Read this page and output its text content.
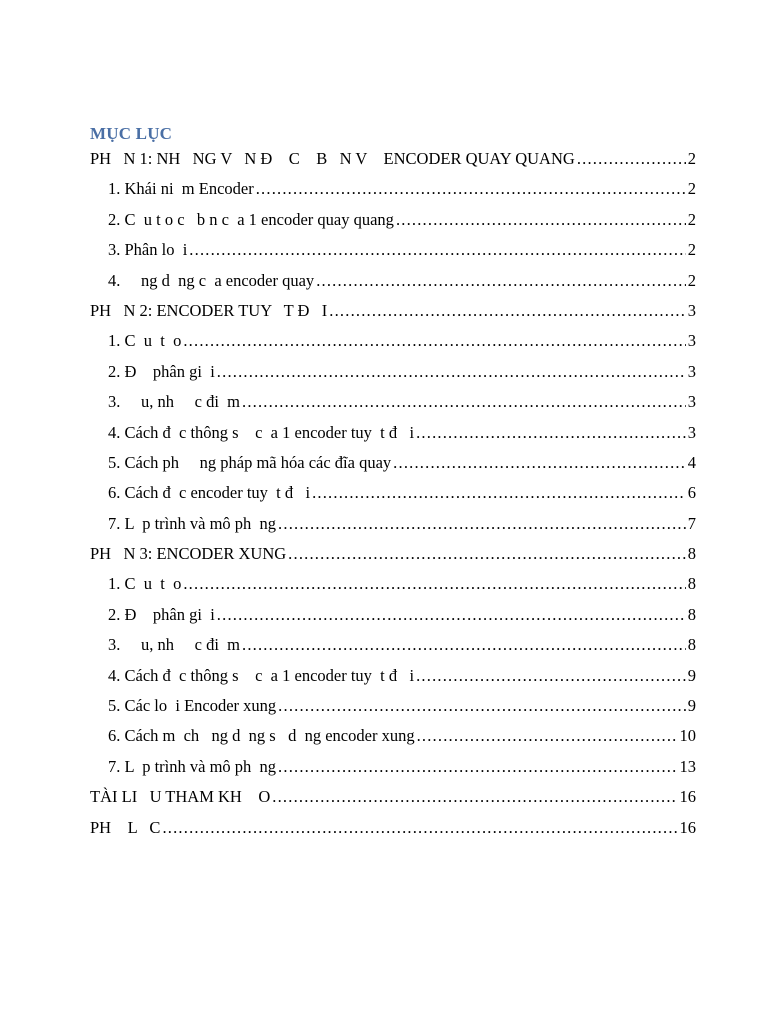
MỤC LỤC
PH   N 1: NH   NG V   N Đ    C    B   N V    ENCODER QUAY QUANG .....	2
1. Khái ni  m Encoder .....	2
2. C  u t o c   b n c  a 1 encoder quay quang .....	2
3. Phân lo  i .....	2
4.     ng d  ng c  a encoder quay .....	2
PH   N 2: ENCODER TUY   T Đ   I .....	3
1. C  u  t  o .....	3
2. Đ    phân gi  i .....	3
3.     u, nh     c đi  m .....	3
4. Cách đ  c thông s    c  a 1 encoder tuy  t đ   i .....	3
5. Cách ph     ng pháp mã hóa các đĩa quay .....	4
6. Cách đ  c encoder tuy  t đ   i .....	6
7. L  p trình và mô ph  ng .....	7
PH   N 3: ENCODER XUNG .....	8
1. C  u  t  o .....	8
2. Đ    phân gi  i .....	8
3.     u, nh     c đi  m .....	8
4. Cách đ  c thông s    c  a 1 encoder tuy  t đ   i .....	9
5. Các lo  i Encoder xung .....	9
6. Cách m  ch   ng d  ng s   d  ng encoder xung .....	10
7. L  p trình và mô ph  ng .....	13
TÀI LI   U THAM KH    O .....	16
PH    L   C .....	16
